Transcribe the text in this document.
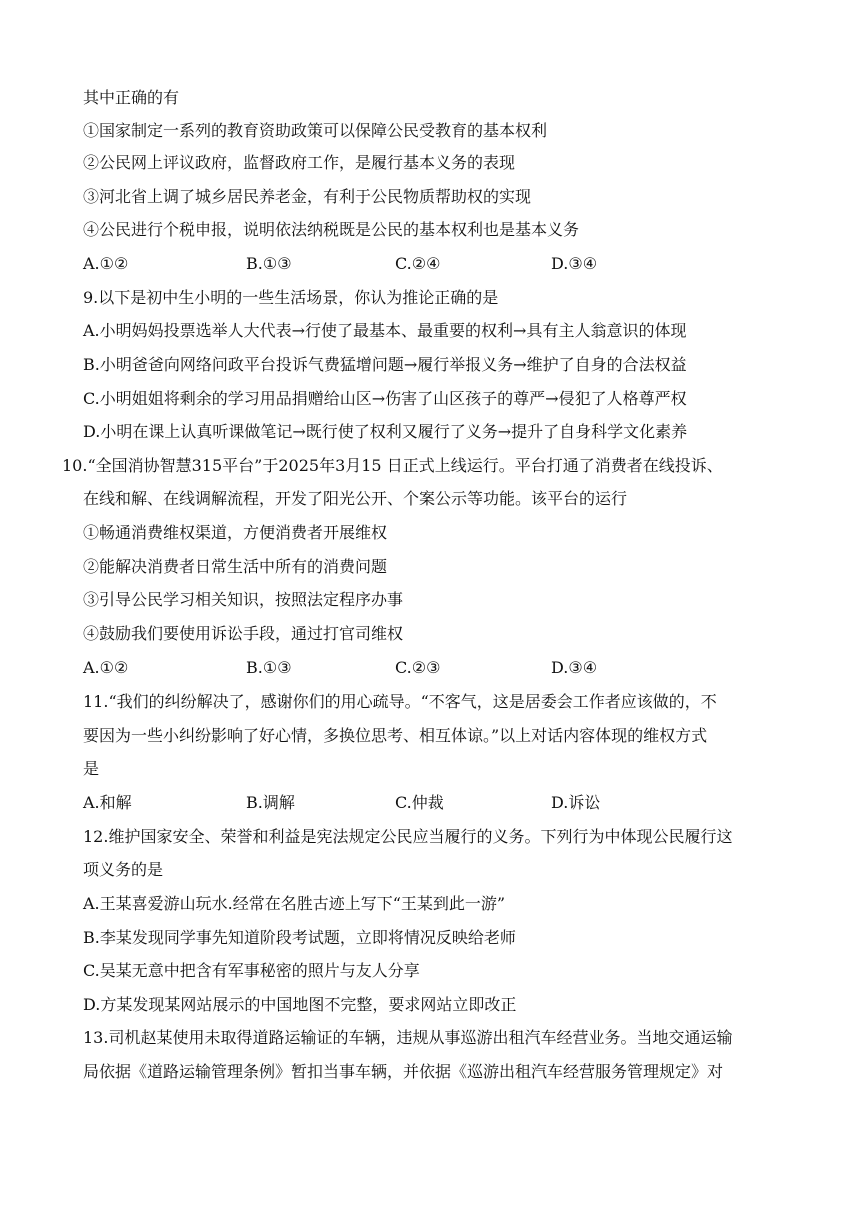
其中正确的有
①国家制定一系列的教育资助政策可以保障公民受教育的基本权利
②公民网上评议政府，监督政府工作，是履行基本义务的表现
③河北省上调了城乡居民养老金，有利于公民物质帮助权的实现
④公民进行个税申报，说明依法纳税既是公民的基本权利也是基本义务
A.①②	B.①③	C.②④	D.③④
9.以下是初中生小明的一些生活场景，你认为推论正确的是
A.小明妈妈投票选举人大代表→行使了最基本、最重要的权利→具有主人翁意识的体现
B.小明爸爸向网络问政平台投诉气费猛增问题→履行举报义务→维护了自身的合法权益
C.小明姐姐将剩余的学习用品捐赠给山区→伤害了山区孩子的尊严→侵犯了人格尊严权
D.小明在课上认真听课做笔记→既行使了权利又履行了义务→提升了自身科学文化素养
10.“全国消协智慧315平台”于2025年3月15 日正式上线运行。平台打通了消费者在线投诉、
在线和解、在线调解流程，开发了阳光公开、个案公示等功能。该平台的运行
①畅通消费维权渠道，方便消费者开展维权
②能解决消费者日常生活中所有的消费问题
③引导公民学习相关知识，按照法定程序办事
④鼓励我们要使用诉讼手段，通过打官司维权
A.①②	B.①③	C.②③	D.③④
11.“我们的纠纷解决了，感谢你们的用心疏导。“不客气，这是居委会工作者应该做的，不
要因为一些小纠纷影响了好心情，多换位思考、相互体谅。”以上对话内容体现的维权方式
是
A.和解	B.调解	C.仲裁	D.诉讼
12.维护国家安全、荣誉和利益是宪法规定公民应当履行的义务。下列行为中体现公民履行这
项义务的是
A.王某喜爱游山玩水.经常在名胜古迹上写下“王某到此一游”
B.李某发现同学事先知道阶段考试题，立即将情况反映给老师
C.吴某无意中把含有军事秘密的照片与友人分享
D.方某发现某网站展示的中国地图不完整，要求网站立即改正
13.司机赵某使用未取得道路运输证的车辆，违规从事巡游出租汽车经营业务。当地交通运输
局依据《道路运输管理条例》暂扣当事车辆，并依据《巡游出租汽车经营服务管理规定》对
